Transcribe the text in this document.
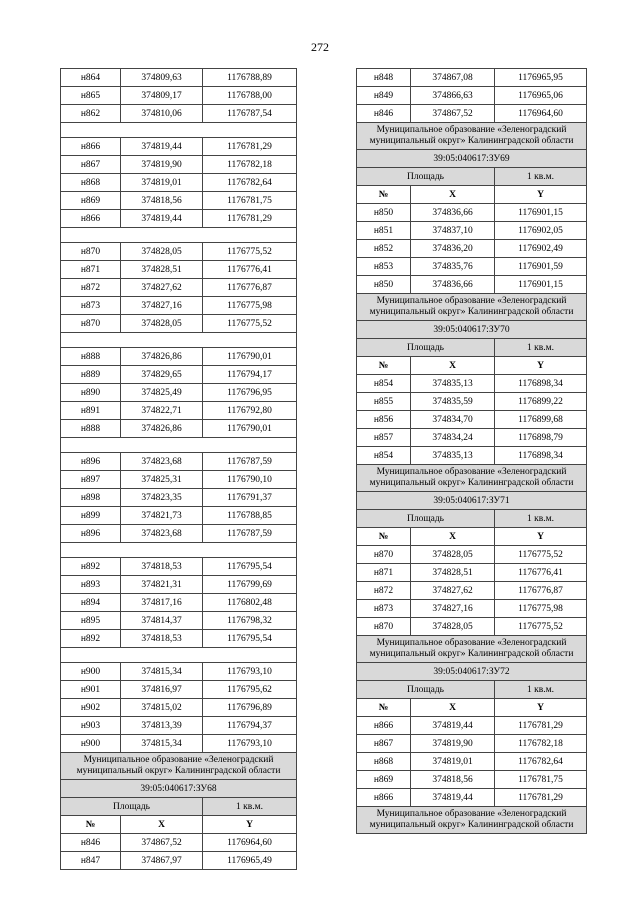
272
н864	374809,63	1176788,89
н865	374809,17	1176788,00
н862	374810,06	1176787,54

н866	374819,44	1176781,29
н867	374819,90	1176782,18
н868	374819,01	1176782,64
н869	374818,56	1176781,75
н866	374819,44	1176781,29

н870	374828,05	1176775,52
н871	374828,51	1176776,41
н872	374827,62	1176776,87
н873	374827,16	1176775,98
н870	374828,05	1176775,52

н888	374826,86	1176790,01
н889	374829,65	1176794,17
н890	374825,49	1176796,95
н891	374822,71	1176792,80
н888	374826,86	1176790,01

н896	374823,68	1176787,59
н897	374825,31	1176790,10
н898	374823,35	1176791,37
н899	374821,73	1176788,85
н896	374823,68	1176787,59

н892	374818,53	1176795,54
н893	374821,31	1176799,69
н894	374817,16	1176802,48
н895	374814,37	1176798,32
н892	374818,53	1176795,54

н900	374815,34	1176793,10
н901	374816,97	1176795,62
н902	374815,02	1176796,89
н903	374813,39	1176794,37
н900	374815,34	1176793,10
Муниципальное образование «Зеленоградский муниципальный округ» Калининградской области		
39:05:040617:ЗУ68		
Площадь		1 кв.м.
№	X	Y
н846	374867,52	1176964,60
н847	374867,97	1176965,49
н848	374867,08	1176965,95
н849	374866,63	1176965,06
н846	374867,52	1176964,60
Муниципальное образование «Зеленоградский муниципальный округ» Калининградской области		
39:05:040617:ЗУ69		
Площадь		1 кв.м.
№	X	Y
н850	374836,66	1176901,15
н851	374837,10	1176902,05
н852	374836,20	1176902,49
н853	374835,76	1176901,59
н850	374836,66	1176901,15
Муниципальное образование «Зеленоградский муниципальный округ» Калининградской области		
39:05:040617:ЗУ70		
Площадь		1 кв.м.
№	X	Y
н854	374835,13	1176898,34
н855	374835,59	1176899,22
н856	374834,70	1176899,68
н857	374834,24	1176898,79
н854	374835,13	1176898,34
Муниципальное образование «Зеленоградский муниципальный округ» Калининградской области		
39:05:040617:ЗУ71		
Площадь		1 кв.м.
№	X	Y
н870	374828,05	1176775,52
н871	374828,51	1176776,41
н872	374827,62	1176776,87
н873	374827,16	1176775,98
н870	374828,05	1176775,52
Муниципальное образование «Зеленоградский муниципальный округ» Калининградской области		
39:05:040617:ЗУ72		
Площадь		1 кв.м.
№	X	Y
н866	374819,44	1176781,29
н867	374819,90	1176782,18
н868	374819,01	1176782,64
н869	374818,56	1176781,75
н866	374819,44	1176781,29
Муниципальное образование «Зеленоградский муниципальный округ» Калининградской области		
